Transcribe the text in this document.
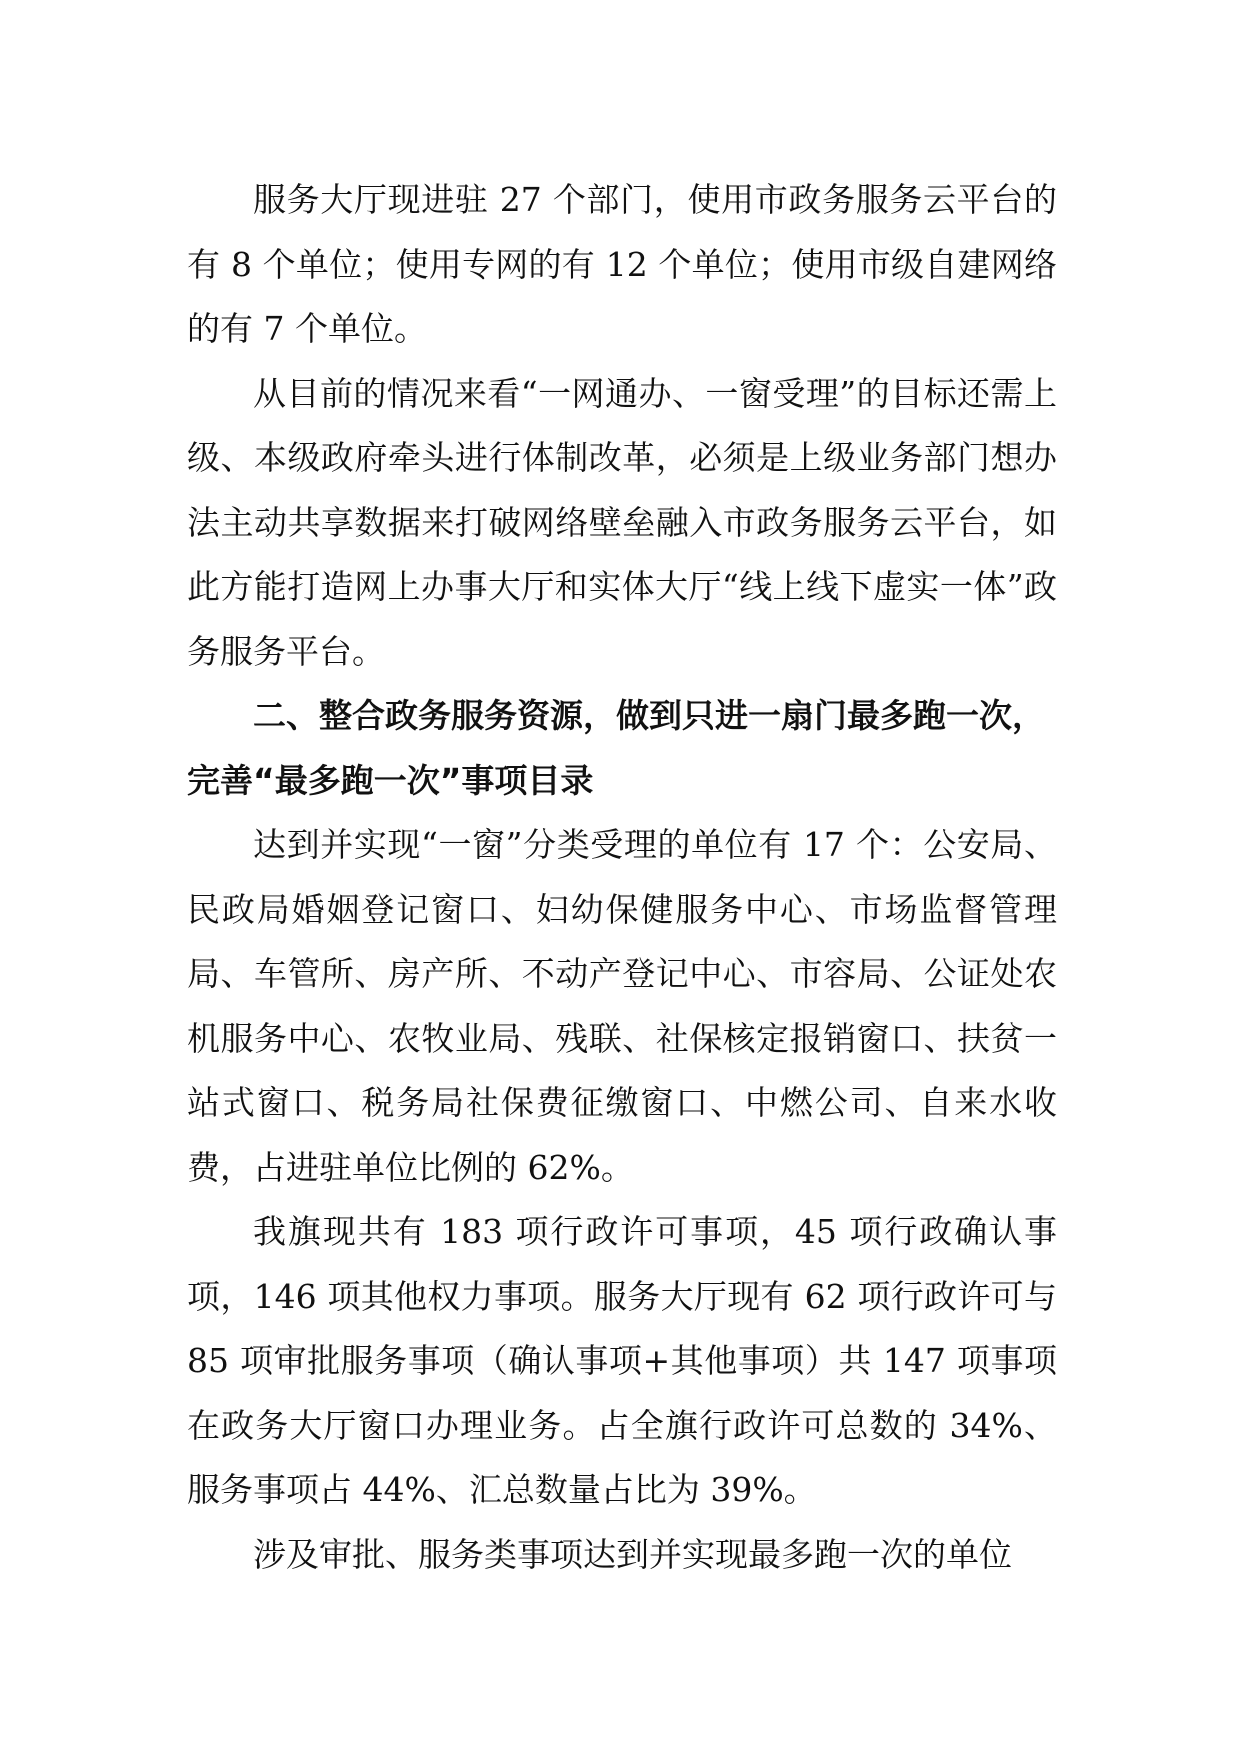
服务大厅现进驻 27 个部门，使用市政务服务云平台的有 8 个单位；使用专网的有 12 个单位；使用市级自建网络的有 7 个单位。

从目前的情况来看“一网通办、一窗受理”的目标还需上级、本级政府牵头进行体制改革，必须是上级业务部门想办法主动共享数据来打破网络壁垒融入市政务服务云平台，如此方能打造网上办事大厅和实体大厅“线上线下虚实一体”政务服务平台。

二、整合政务服务资源，做到只进一扇门最多跑一次，完善“最多跑一次”事项目录

达到并实现“一窗”分类受理的单位有 17 个：公安局、民政局婚姻登记窗口、妇幼保健服务中心、市场监督管理局、车管所、房产所、不动产登记中心、市容局、公证处农机服务中心、农牧业局、残联、社保核定报销窗口、扶贫一站式窗口、税务局社保费征缴窗口、中燃公司、自来水收费，占进驻单位比例的 62%。

我旗现共有 183 项行政许可事项，45 项行政确认事项，146 项其他权力事项。服务大厅现有 62 项行政许可与 85 项审批服务事项（确认事项+其他事项）共 147 项事项在政务大厅窗口办理业务。占全旗行政许可总数的 34%、服务事项占 44%、汇总数量占比为 39%。

涉及审批、服务类事项达到并实现最多跑一次的单位
